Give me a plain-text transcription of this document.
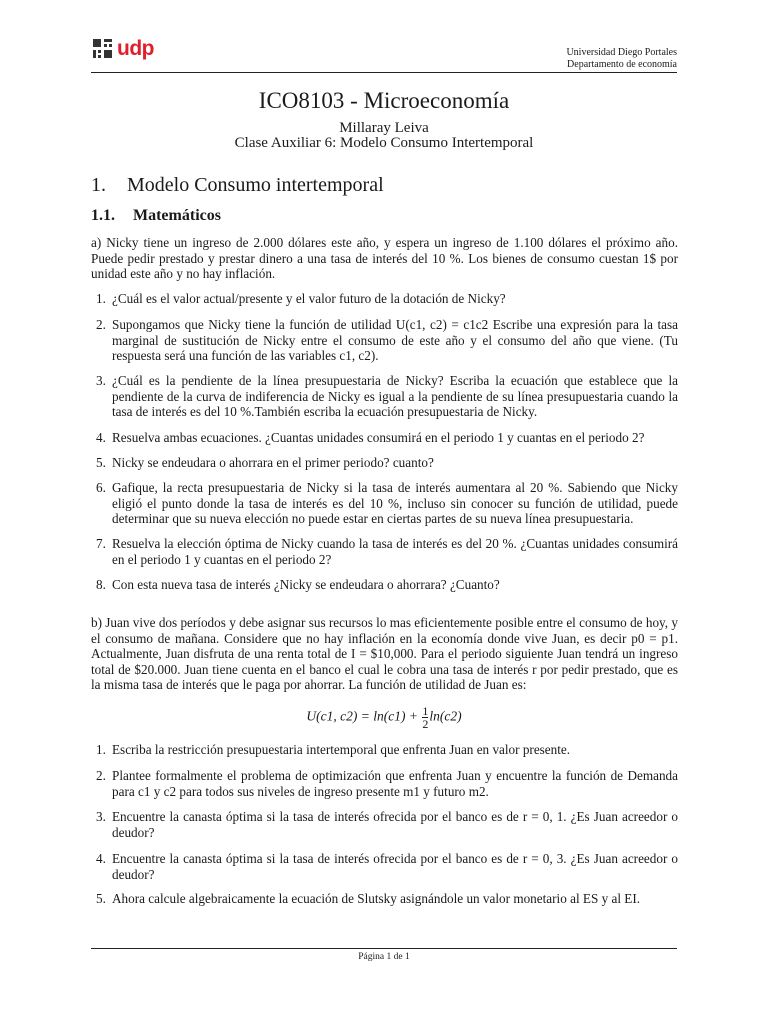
udp	Universidad Diego Portales
Departamento de economía
ICO8103 - Microeconomía
Millaray Leiva
Clase Auxiliar 6: Modelo Consumo Intertemporal
1. Modelo Consumo intertemporal
1.1. Matemáticos

a) Nicky tiene un ingreso de 2.000 dólares este año, y espera un ingreso de 1.100 dólares el próximo año. Puede pedir prestado y prestar dinero a una tasa de interés del 10 %. Los bienes de consumo cuestan 1$ por unidad este año y no hay inflación.

1. ¿Cuál es el valor actual/presente y el valor futuro de la dotación de Nicky?
2. Supongamos que Nicky tiene la función de utilidad U(c1, c2) = c1c2 Escribe una expresión para la tasa marginal de sustitución de Nicky entre el consumo de este año y el consumo del año que viene. (Tu respuesta será una función de las variables c1, c2).
3. ¿Cuál es la pendiente de la línea presupuestaria de Nicky? Escriba la ecuación que establece que la pendiente de la curva de indiferencia de Nicky es igual a la pendiente de su línea presupuestaria cuando la tasa de interés es del 10 %.También escriba la ecuación presupuestaria de Nicky.
4. Resuelva ambas ecuaciones. ¿Cuantas unidades consumirá en el periodo 1 y cuantas en el periodo 2?
5. Nicky se endeudara o ahorrara en el primer periodo? cuanto?
6. Gafique, la recta presupuestaria de Nicky si la tasa de interés aumentara al 20 %. Sabiendo que Nicky eligió el punto donde la tasa de interés es del 10 %, incluso sin conocer su función de utilidad, puede determinar que su nueva elección no puede estar en ciertas partes de su nueva línea presupuestaria.
7. Resuelva la elección óptima de Nicky cuando la tasa de interés es del 20 %. ¿Cuantas unidades consumirá en el periodo 1 y cuantas en el periodo 2?
8. Con esta nueva tasa de interés ¿Nicky se endeudara o ahorrara? ¿Cuanto?

b) Juan vive dos períodos y debe asignar sus recursos lo mas eficientemente posible entre el consumo de hoy, y el consumo de mañana. Considere que no hay inflación en la economía donde vive Juan, es decir p0 = p1. Actualmente, Juan disfruta de una renta total de I = $10,000. Para el periodo siguiente Juan tendrá un ingreso total de $20.000. Juan tiene cuenta en el banco el cual le cobra una tasa de interés r por pedir prestado, que es la misma tasa de interés que le paga por ahorrar. La función de utilidad de Juan es:

U(c1, $c2) = \ln(c1) + \frac{1}{2} \ln(c2)$
1. Escriba la restricción presupuestaria intertemporal que enfrenta Juan en valor presente.
2. Plantee formalmente el problema de optimización que enfrenta Juan y encuentre la función de Demanda para c1 y c2 para todos sus niveles de ingreso presente m1 y futuro m2.
3. Encuentre la canasta óptima si la tasa de interés ofrecida por el banco es de r = 0, 1. ¿Es Juan acreedor o deudor?
4. Encuentre la canasta óptima si la tasa de interés ofrecida por el banco es de r = 0, 3. ¿Es Juan acreedor o deudor?
5. Ahora calcule algebraicamente la ecuación de Slutsky asignándole un valor monetario al ES y al EI.
Página 1 de 1
